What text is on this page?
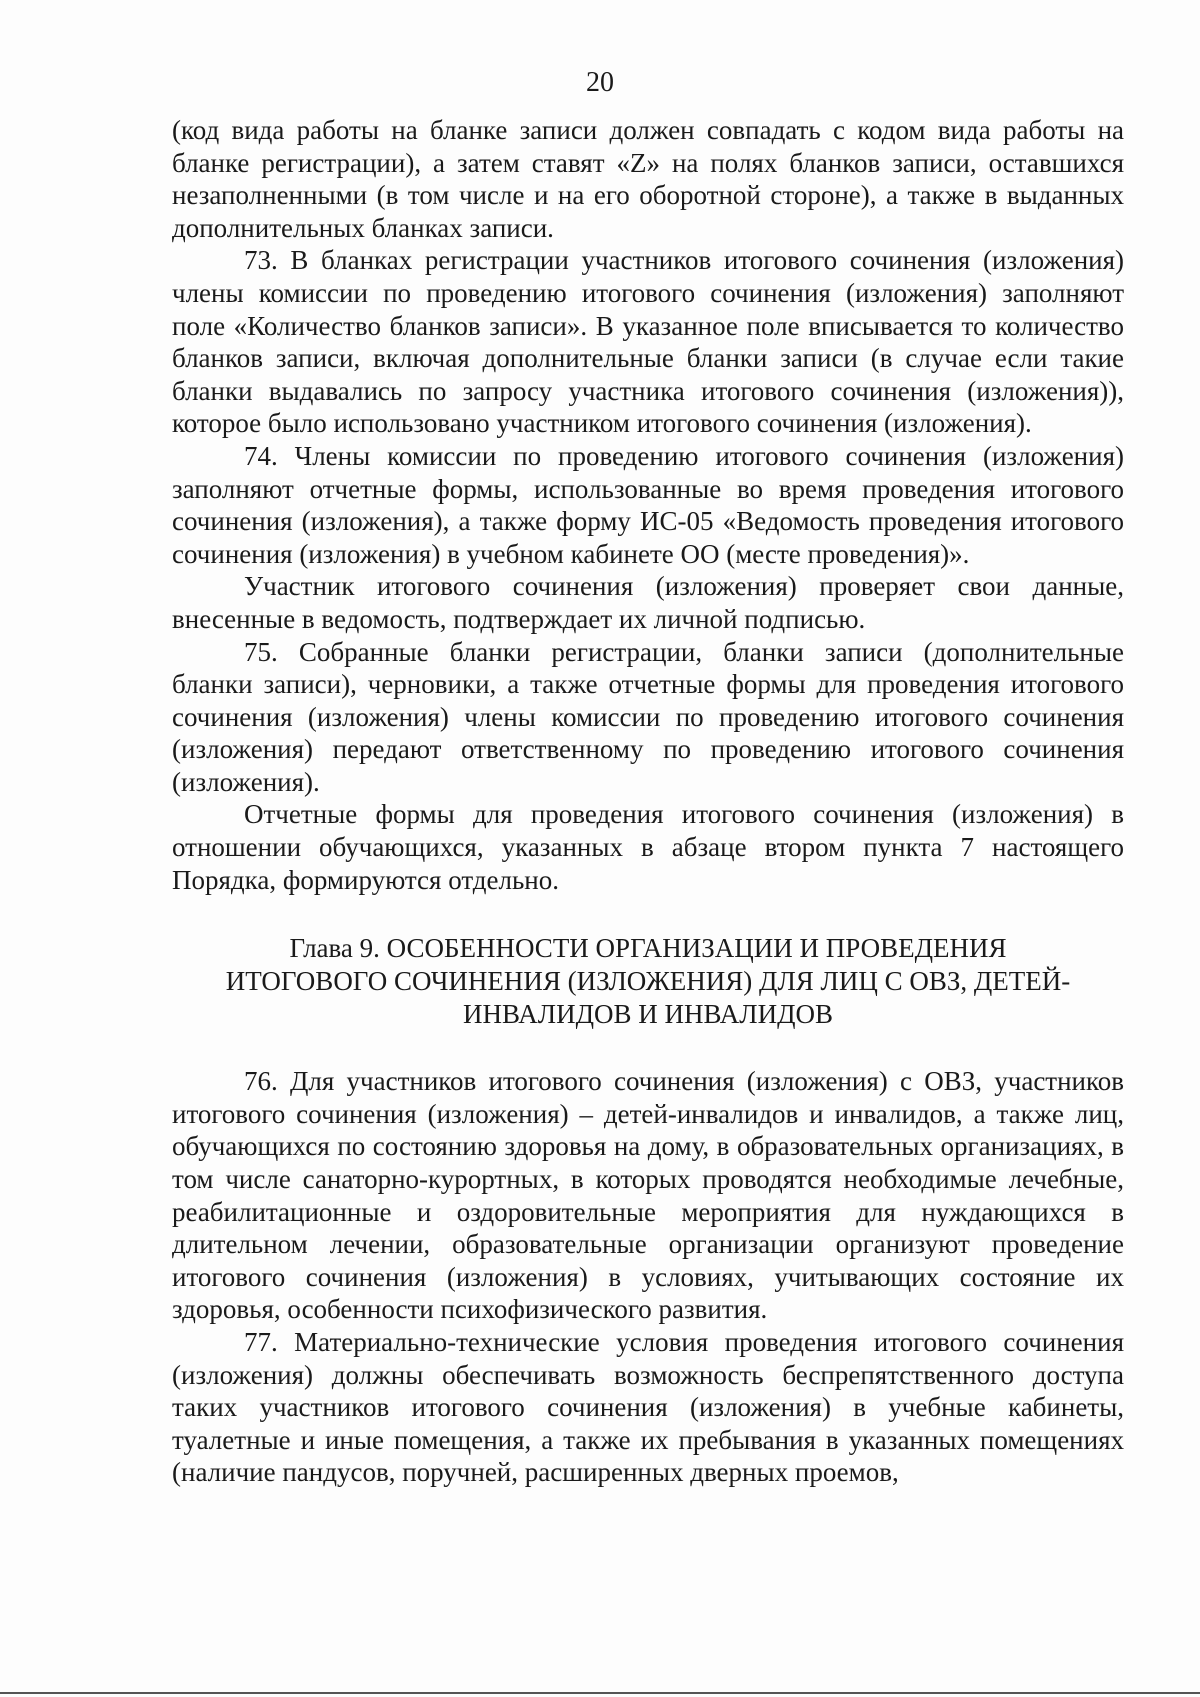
20

(код вида работы на бланке записи должен совпадать с кодом вида работы на бланке регистрации), а затем ставят «Z» на полях бланков записи, оставшихся незаполненными (в том числе и на его оборотной стороне), а также в выданных дополнительных бланках записи.

73. В бланках регистрации участников итогового сочинения (изложения) члены комиссии по проведению итогового сочинения (изложения) заполняют поле «Количество бланков записи». В указанное поле вписывается то количество бланков записи, включая дополнительные бланки записи (в случае если такие бланки выдавались по запросу участника итогового сочинения (изложения)), которое было использовано участником итогового сочинения (изложения).

74. Члены комиссии по проведению итогового сочинения (изложения) заполняют отчетные формы, использованные во время проведения итогового сочинения (изложения), а также форму ИС-05 «Ведомость проведения итогового сочинения (изложения) в учебном кабинете ОО (месте проведения)».

Участник итогового сочинения (изложения) проверяет свои данные, внесенные в ведомость, подтверждает их личной подписью.

75. Собранные бланки регистрации, бланки записи (дополнительные бланки записи), черновики, а также отчетные формы для проведения итогового сочинения (изложения) члены комиссии по проведению итогового сочинения (изложения) передают ответственному по проведению итогового сочинения (изложения).

Отчетные формы для проведения итогового сочинения (изложения) в отношении обучающихся, указанных в абзаце втором пункта 7 настоящего Порядка, формируются отдельно.

Глава 9. ОСОБЕННОСТИ ОРГАНИЗАЦИИ И ПРОВЕДЕНИЯ ИТОГОВОГО СОЧИНЕНИЯ (ИЗЛОЖЕНИЯ) ДЛЯ ЛИЦ С ОВЗ, ДЕТЕЙ-ИНВАЛИДОВ И ИНВАЛИДОВ

76. Для участников итогового сочинения (изложения) с ОВЗ, участников итогового сочинения (изложения) – детей-инвалидов и инвалидов, а также лиц, обучающихся по состоянию здоровья на дому, в образовательных организациях, в том числе санаторно-курортных, в которых проводятся необходимые лечебные, реабилитационные и оздоровительные мероприятия для нуждающихся в длительном лечении, образовательные организации организуют проведение итогового сочинения (изложения) в условиях, учитывающих состояние их здоровья, особенности психофизического развития.

77. Материально-технические условия проведения итогового сочинения (изложения) должны обеспечивать возможность беспрепятственного доступа таких участников итогового сочинения (изложения) в учебные кабинеты, туалетные и иные помещения, а также их пребывания в указанных помещениях (наличие пандусов, поручней, расширенных дверных проемов,
